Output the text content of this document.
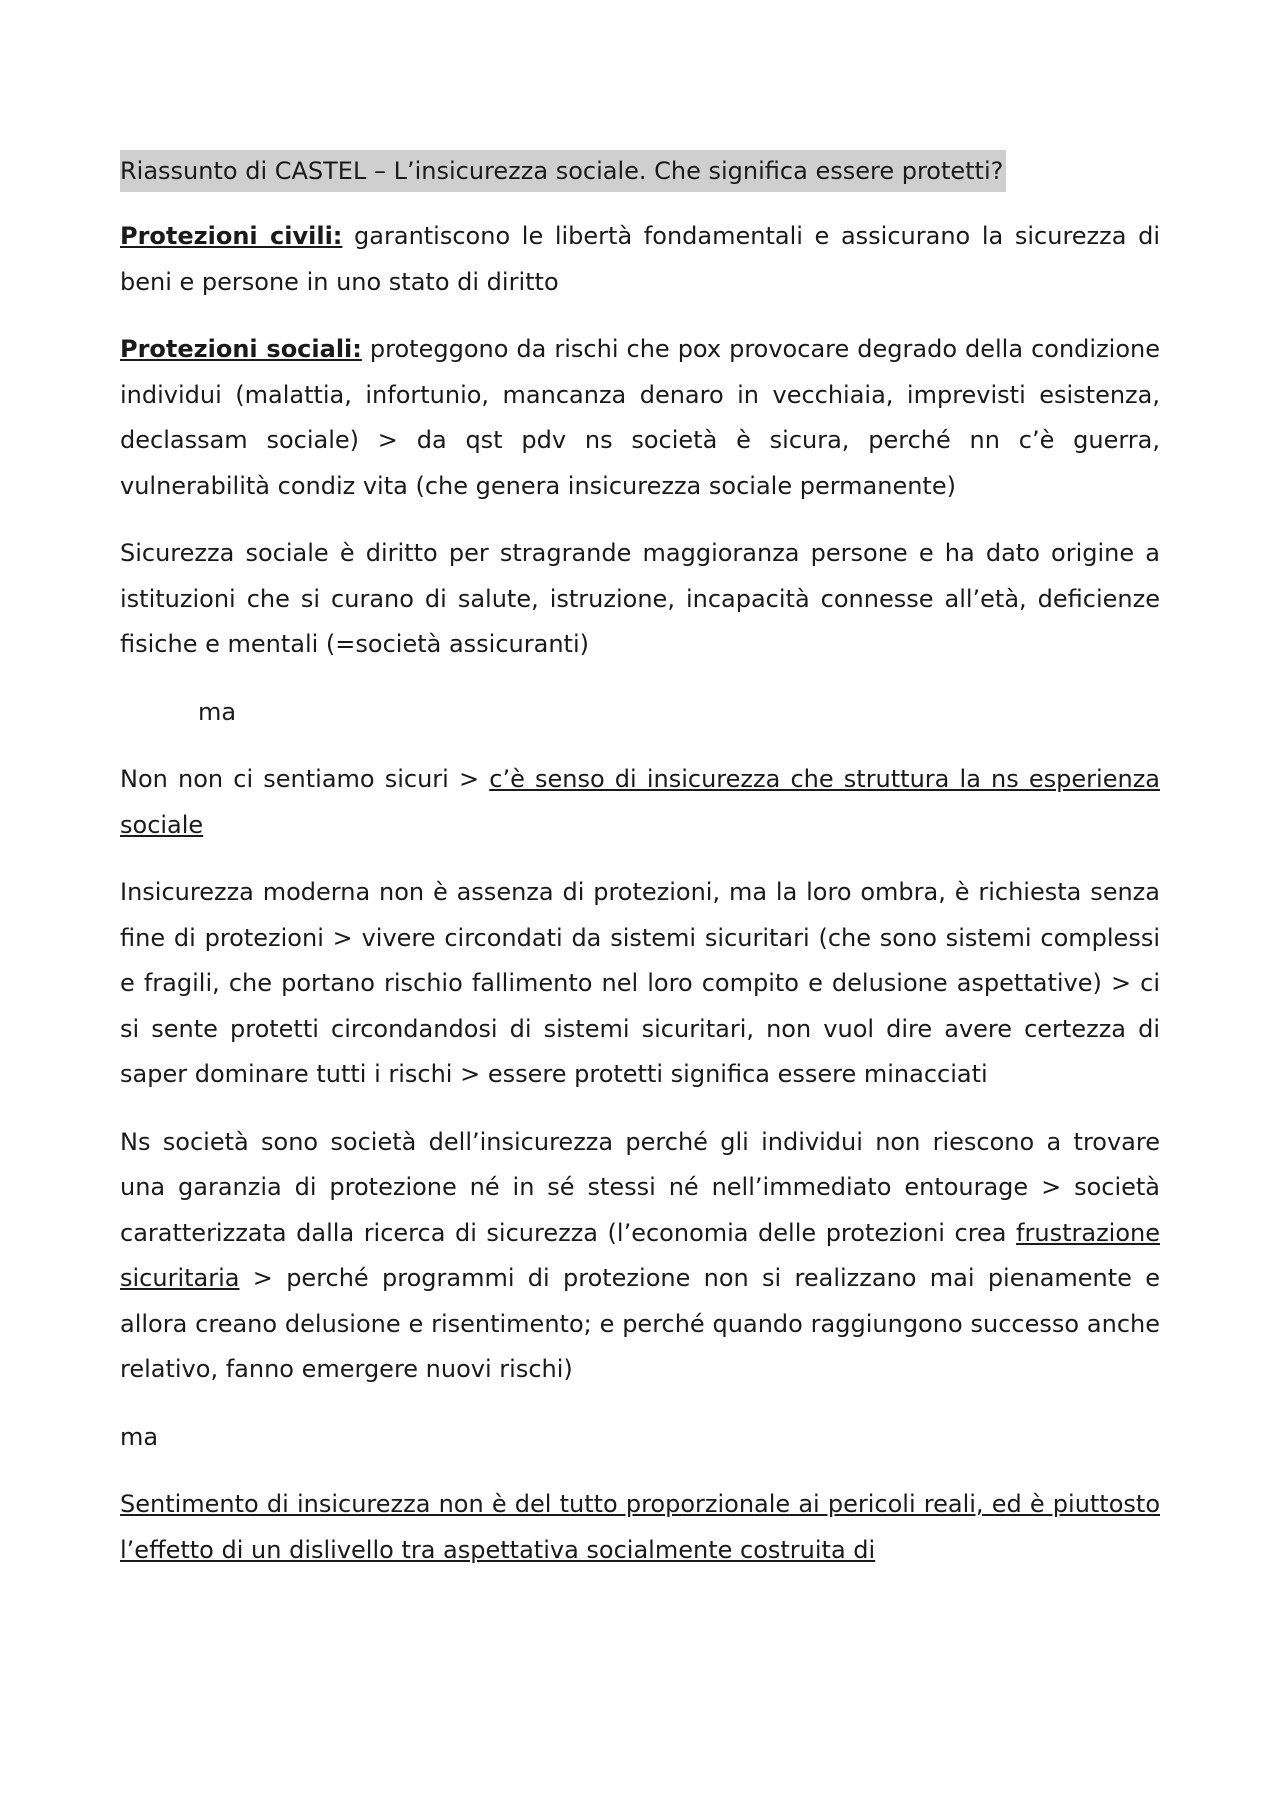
Riassunto di CASTEL – L’insicurezza sociale. Che significa essere protetti?

Protezioni civili: garantiscono le libertà fondamentali e assicurano la sicurezza di beni e persone in uno stato di diritto

Protezioni sociali: proteggono da rischi che pox provocare degrado della condizione individui (malattia, infortunio, mancanza denaro in vecchiaia, imprevisti esistenza, declassam sociale) > da qst pdv ns società è sicura, perché nn c’è guerra, vulnerabilità condiz vita (che genera insicurezza sociale permanente)

Sicurezza sociale è diritto per stragrande maggioranza persone e ha dato origine a istituzioni che si curano di salute, istruzione, incapacità connesse all’età, deficienze fisiche e mentali (=società assicuranti)

ma

Non non ci sentiamo sicuri > c’è senso di insicurezza che struttura la ns esperienza sociale

Insicurezza moderna non è assenza di protezioni, ma la loro ombra, è richiesta senza fine di protezioni > vivere circondati da sistemi sicuritari (che sono sistemi complessi e fragili, che portano rischio fallimento nel loro compito e delusione aspettative) > ci si sente protetti circondandosi di sistemi sicuritari, non vuol dire avere certezza di saper dominare tutti i rischi > essere protetti significa essere minacciati

Ns società sono società dell’insicurezza perché gli individui non riescono a trovare una garanzia di protezione né in sé stessi né nell’immediato entourage > società caratterizzata dalla ricerca di sicurezza (l’economia delle protezioni crea frustrazione sicuritaria > perché programmi di protezione non si realizzano mai pienamente e allora creano delusione e risentimento; e perché quando raggiungono successo anche relativo, fanno emergere nuovi rischi)

ma

Sentimento di insicurezza non è del tutto proporzionale ai pericoli reali, ed è piuttosto l’effetto di un dislivello tra aspettativa socialmente costruita di
